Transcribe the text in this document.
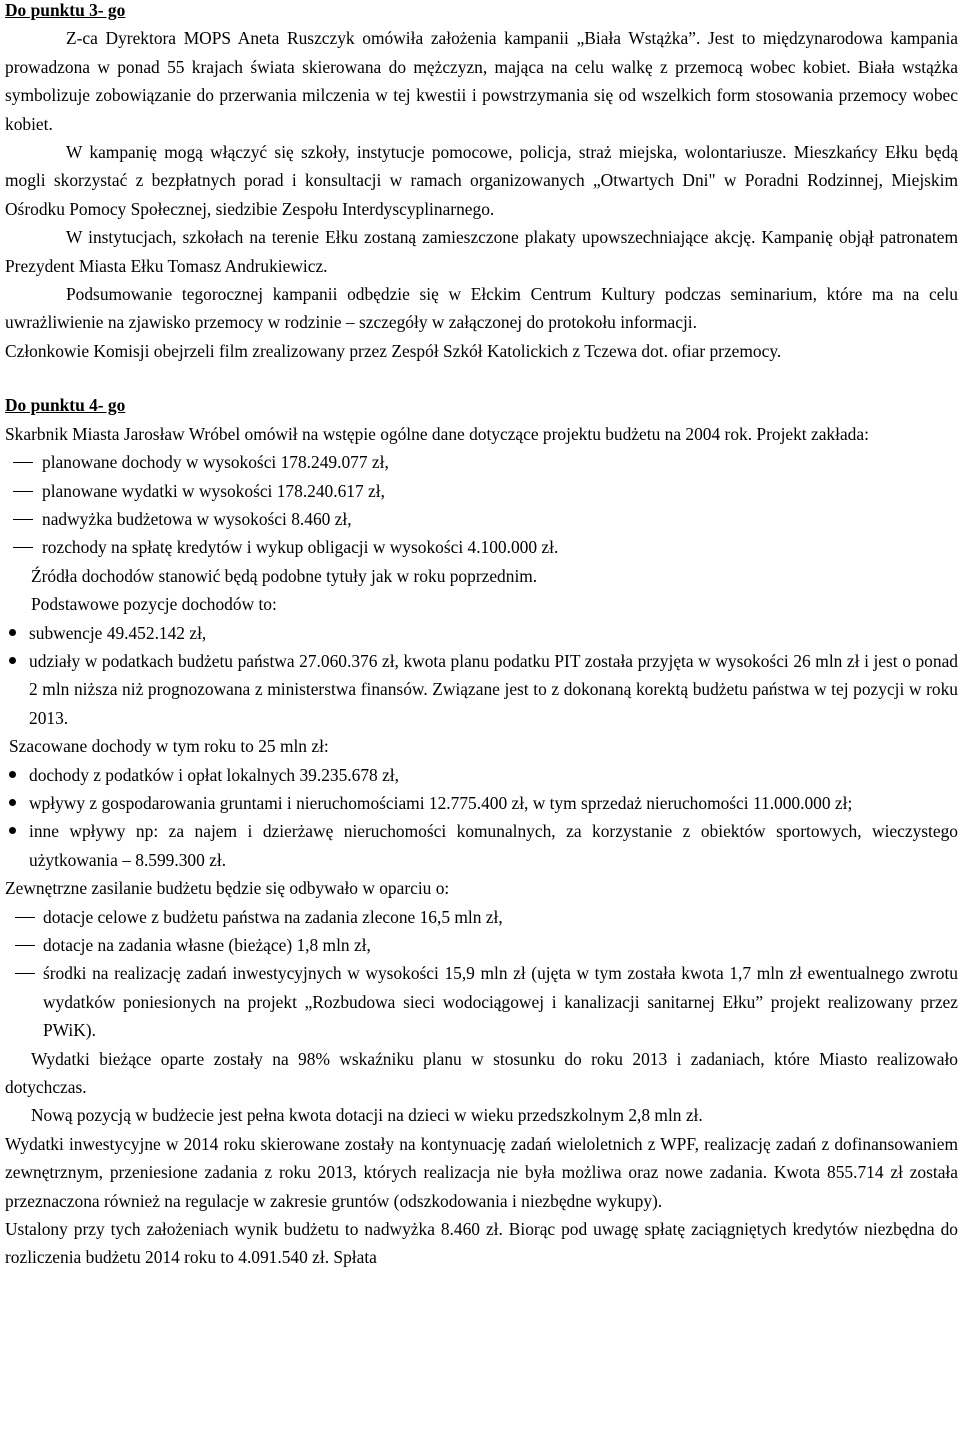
Do punktu 3- go

Z-ca Dyrektora MOPS Aneta Ruszczyk omówiła założenia kampanii „Biała Wstążka”. Jest to międzynarodowa kampania prowadzona w ponad 55 krajach świata skierowana do mężczyzn, mająca na celu walkę z przemocą wobec kobiet. Biała wstążka symbolizuje zobowiązanie do przerwania milczenia w tej kwestii i powstrzymania się od wszelkich form stosowania przemocy wobec kobiet.

W kampanię mogą włączyć się szkoły, instytucje pomocowe, policja, straż miejska, wolontariusze. Mieszkańcy Ełku będą mogli skorzystać z bezpłatnych porad i konsultacji w ramach organizowanych „Otwartych Dni" w Poradni Rodzinnej, Miejskim Ośrodku Pomocy Społecznej, siedzibie Zespołu Interdyscyplinarnego.

W instytucjach, szkołach na terenie Ełku zostaną zamieszczone plakaty upowszechniające akcję. Kampanię objął patronatem Prezydent Miasta Ełku Tomasz Andrukiewicz.

Podsumowanie tegorocznej kampanii odbędzie się w Ełckim Centrum Kultury podczas seminarium, które ma na celu uwrażliwienie na zjawisko przemocy w rodzinie – szczegóły w załączonej do protokołu informacji.

Członkowie Komisji obejrzeli film zrealizowany przez Zespół Szkół Katolickich z Tczewa dot. ofiar przemocy.

Do punktu 4- go

Skarbnik Miasta Jarosław Wróbel omówił na wstępie ogólne dane dotyczące projektu budżetu na 2004 rok. Projekt zakłada:

planowane dochody w wysokości 178.249.077 zł,
planowane wydatki w wysokości 178.240.617 zł,
nadwyżka budżetowa w wysokości 8.460 zł,
rozchody na spłatę kredytów i wykup obligacji w wysokości 4.100.000 zł.

Źródła dochodów stanowić będą podobne tytuły jak w roku poprzednim.

Podstawowe pozycje dochodów to:

subwencje 49.452.142 zł,
udziały w podatkach budżetu państwa 27.060.376 zł, kwota planu podatku PIT została przyjęta w wysokości 26 mln zł i jest o ponad 2 mln niższa niż prognozowana z ministerstwa finansów. Związane jest to z dokonaną korektą budżetu państwa w tej pozycji w roku 2013.

Szacowane dochody w tym roku to 25 mln zł:

dochody z podatków i opłat lokalnych 39.235.678 zł,
wpływy z gospodarowania gruntami i nieruchomościami 12.775.400 zł, w tym sprzedaż nieruchomości 11.000.000 zł;
inne wpływy np: za najem i dzierżawę nieruchomości komunalnych, za korzystanie z obiektów sportowych, wieczystego użytkowania – 8.599.300 zł.

Zewnętrzne zasilanie budżetu będzie się odbywało w oparciu o:

dotacje celowe z budżetu państwa na zadania zlecone 16,5 mln zł,
dotacje na zadania własne (bieżące) 1,8 mln zł,
środki na realizację zadań inwestycyjnych w wysokości 15,9 mln zł (ujęta w tym została kwota 1,7 mln zł ewentualnego zwrotu wydatków poniesionych na projekt „Rozbudowa sieci wodociągowej i kanalizacji sanitarnej Ełku” projekt realizowany przez PWiK).

Wydatki bieżące oparte zostały na 98% wskaźniku planu w stosunku do roku 2013 i zadaniach, które Miasto realizowało dotychczas.

Nową pozycją w budżecie jest pełna kwota dotacji na dzieci w wieku przedszkolnym 2,8 mln zł.

Wydatki inwestycyjne w 2014 roku skierowane zostały na kontynuację zadań wieloletnich z WPF, realizację zadań z dofinansowaniem zewnętrznym, przeniesione zadania z roku 2013, których realizacja nie była możliwa oraz nowe zadania. Kwota 855.714 zł została przeznaczona również na regulacje w zakresie gruntów (odszkodowania i niezbędne wykupy).

Ustalony przy tych założeniach wynik budżetu to nadwyżka 8.460 zł. Biorąc pod uwagę spłatę zaciągniętych kredytów niezbędna do rozliczenia budżetu 2014 roku to 4.091.540 zł. Spłata
